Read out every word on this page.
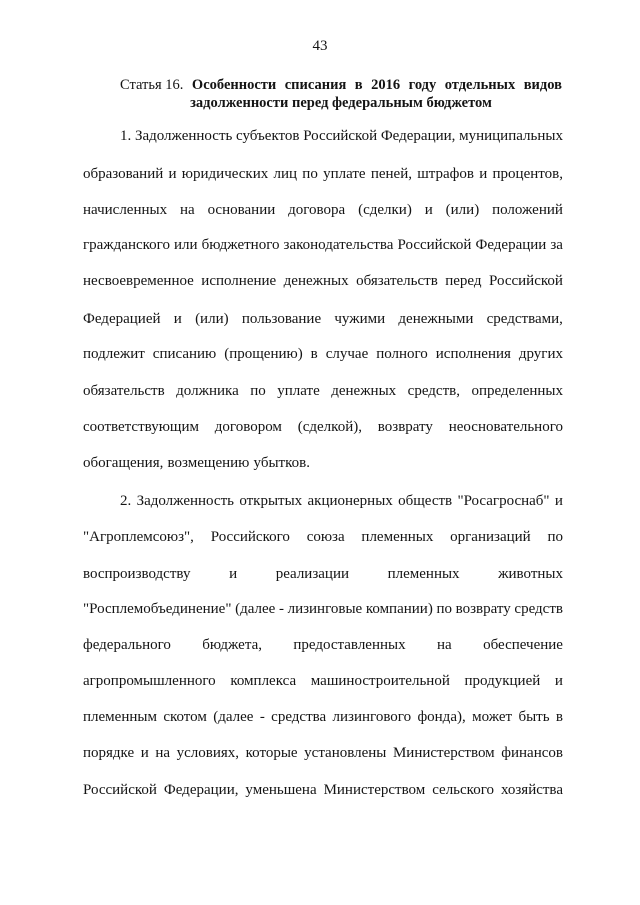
43
Статья 16. Особенности списания в 2016 году отдельных видов
задолженности перед федеральным бюджетом
1. Задолженность субъектов Российской Федерации, муниципальных
образований и юридических лиц по уплате пеней, штрафов и процентов,
начисленных на основании договора (сделки) и (или) положений
гражданского или бюджетного законодательства Российской Федерации за
несвоевременное исполнение денежных обязательств перед Российской
Федерацией и (или) пользование чужими денежными средствами,
подлежит списанию (прощению) в случае полного исполнения других
обязательств должника по уплате денежных средств, определенных
соответствующим договором (сделкой), возврату неосновательного
обогащения, возмещению убытков.
2. Задолженность открытых акционерных обществ "Росагроснаб" и
"Агроплемсоюз", Российского союза племенных организаций по
воспроизводству	и	реализации	племенных	животных
"Росплемобъединение" (далее - лизинговые компании) по возврату средств
федерального бюджета, предоставленных на обеспечение
агропромышленного комплекса машиностроительной продукцией и
племенным скотом (далее - средства лизингового фонда), может быть в
порядке и на условиях, которые установлены Министерством финансов
Российской Федерации, уменьшена Министерством сельского хозяйства
